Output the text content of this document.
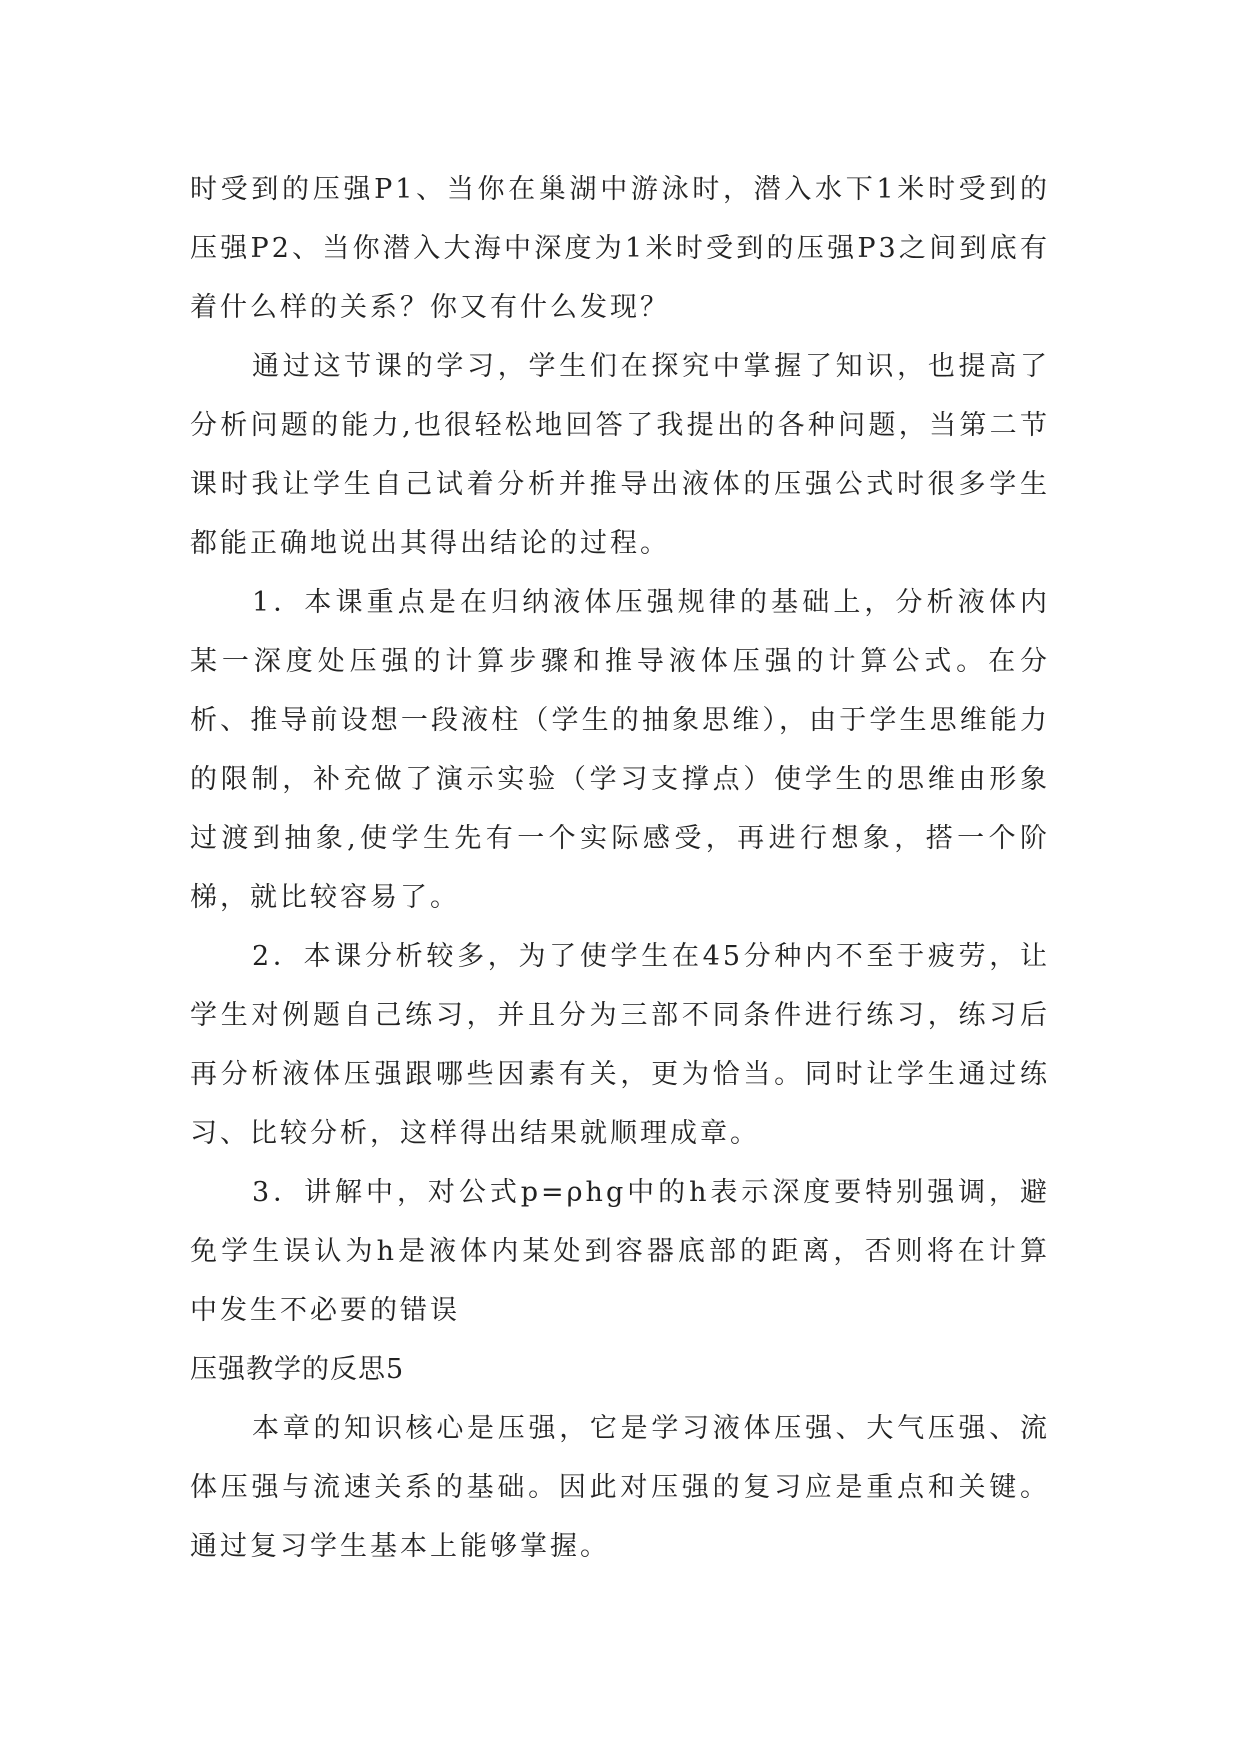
时受到的压强P1、当你在巢湖中游泳时，潜入水下1米时受到的压强P2、当你潜入大海中深度为1米时受到的压强P3之间到底有着什么样的关系？你又有什么发现？

通过这节课的学习，学生们在探究中掌握了知识，也提高了分析问题的能力,也很轻松地回答了我提出的各种问题，当第二节课时我让学生自己试着分析并推导出液体的压强公式时很多学生都能正确地说出其得出结论的过程。

1．本课重点是在归纳液体压强规律的基础上，分析液体内某一深度处压强的计算步骤和推导液体压强的计算公式。在分析、推导前设想一段液柱（学生的抽象思维），由于学生思维能力的限制，补充做了演示实验（学习支撑点）使学生的思维由形象过渡到抽象,使学生先有一个实际感受，再进行想象，搭一个阶梯，就比较容易了。

2．本课分析较多，为了使学生在45分种内不至于疲劳，让学生对例题自己练习，并且分为三部不同条件进行练习，练习后再分析液体压强跟哪些因素有关，更为恰当。同时让学生通过练习、比较分析，这样得出结果就顺理成章。

3．讲解中，对公式p=ρhg中的h表示深度要特别强调，避免学生误认为h是液体内某处到容器底部的距离，否则将在计算中发生不必要的错误

压强教学的反思5

本章的知识核心是压强，它是学习液体压强、大气压强、流体压强与流速关系的基础。因此对压强的复习应是重点和关键。通过复习学生基本上能够掌握。
